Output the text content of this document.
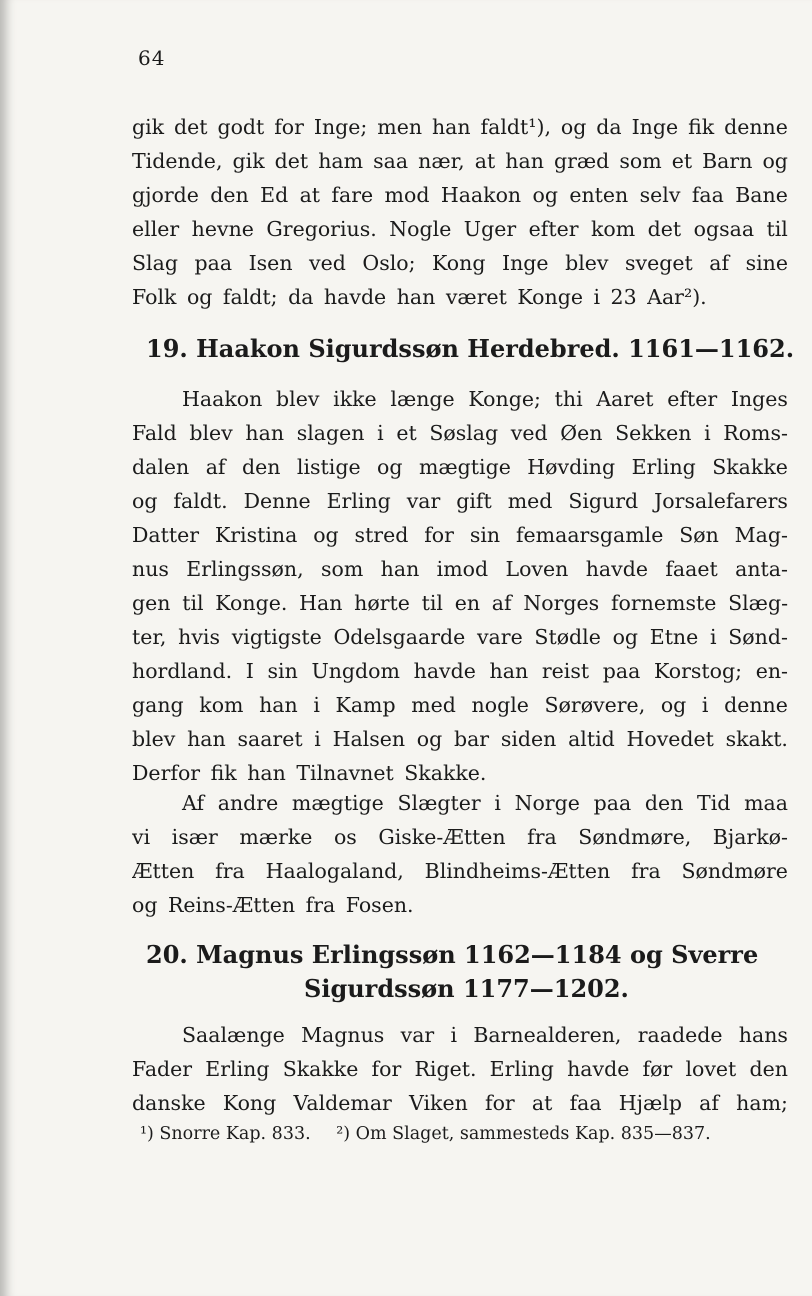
64
gik det godt for Inge; men han faldt¹), og da Inge fik denne
Tidende, gik det ham saa nær, at han græd som et Barn og
gjorde den Ed at fare mod Haakon og enten selv faa Bane
eller hevne Gregorius. Nogle Uger efter kom det ogsaa til
Slag paa Isen ved Oslo; Kong Inge blev sveget af sine
Folk og faldt; da havde han været Konge i 23 Aar²).
19. Haakon Sigurdssøn Herdebred. 1161—1162.
Haakon blev ikke længe Konge; thi Aaret efter Inges
Fald blev han slagen i et Søslag ved Øen Sekken i Roms-
dalen af den listige og mægtige Høvding Erling Skakke
og faldt. Denne Erling var gift med Sigurd Jorsalefarers
Datter Kristina og stred for sin femaarsgamle Søn Mag-
nus Erlingssøn, som han imod Loven havde faaet anta-
gen til Konge. Han hørte til en af Norges fornemste Slæg-
ter, hvis vigtigste Odelsgaarde vare Stødle og Etne i Sønd-
hordland. I sin Ungdom havde han reist paa Korstog; en-
gang kom han i Kamp med nogle Sørøvere, og i denne
blev han saaret i Halsen og bar siden altid Hovedet skakt.
Derfor fik han Tilnavnet Skakke.
Af andre mægtige Slægter i Norge paa den Tid maa
vi især mærke os Giske-Ætten fra Søndmøre, Bjarkø-
Ætten fra Haalogaland, Blindheims-Ætten fra Søndmøre
og Reins-Ætten fra Fosen.
20. Magnus Erlingssøn 1162—1184 og Sverre
Sigurdssøn 1177—1202.
Saalænge Magnus var i Barnealderen, raadede hans
Fader Erling Skakke for Riget. Erling havde før lovet den
danske Kong Valdemar Viken for at faa Hjælp af ham;
¹) Snorre Kap. 833. ²) Om Slaget, sammesteds Kap. 835—837.
